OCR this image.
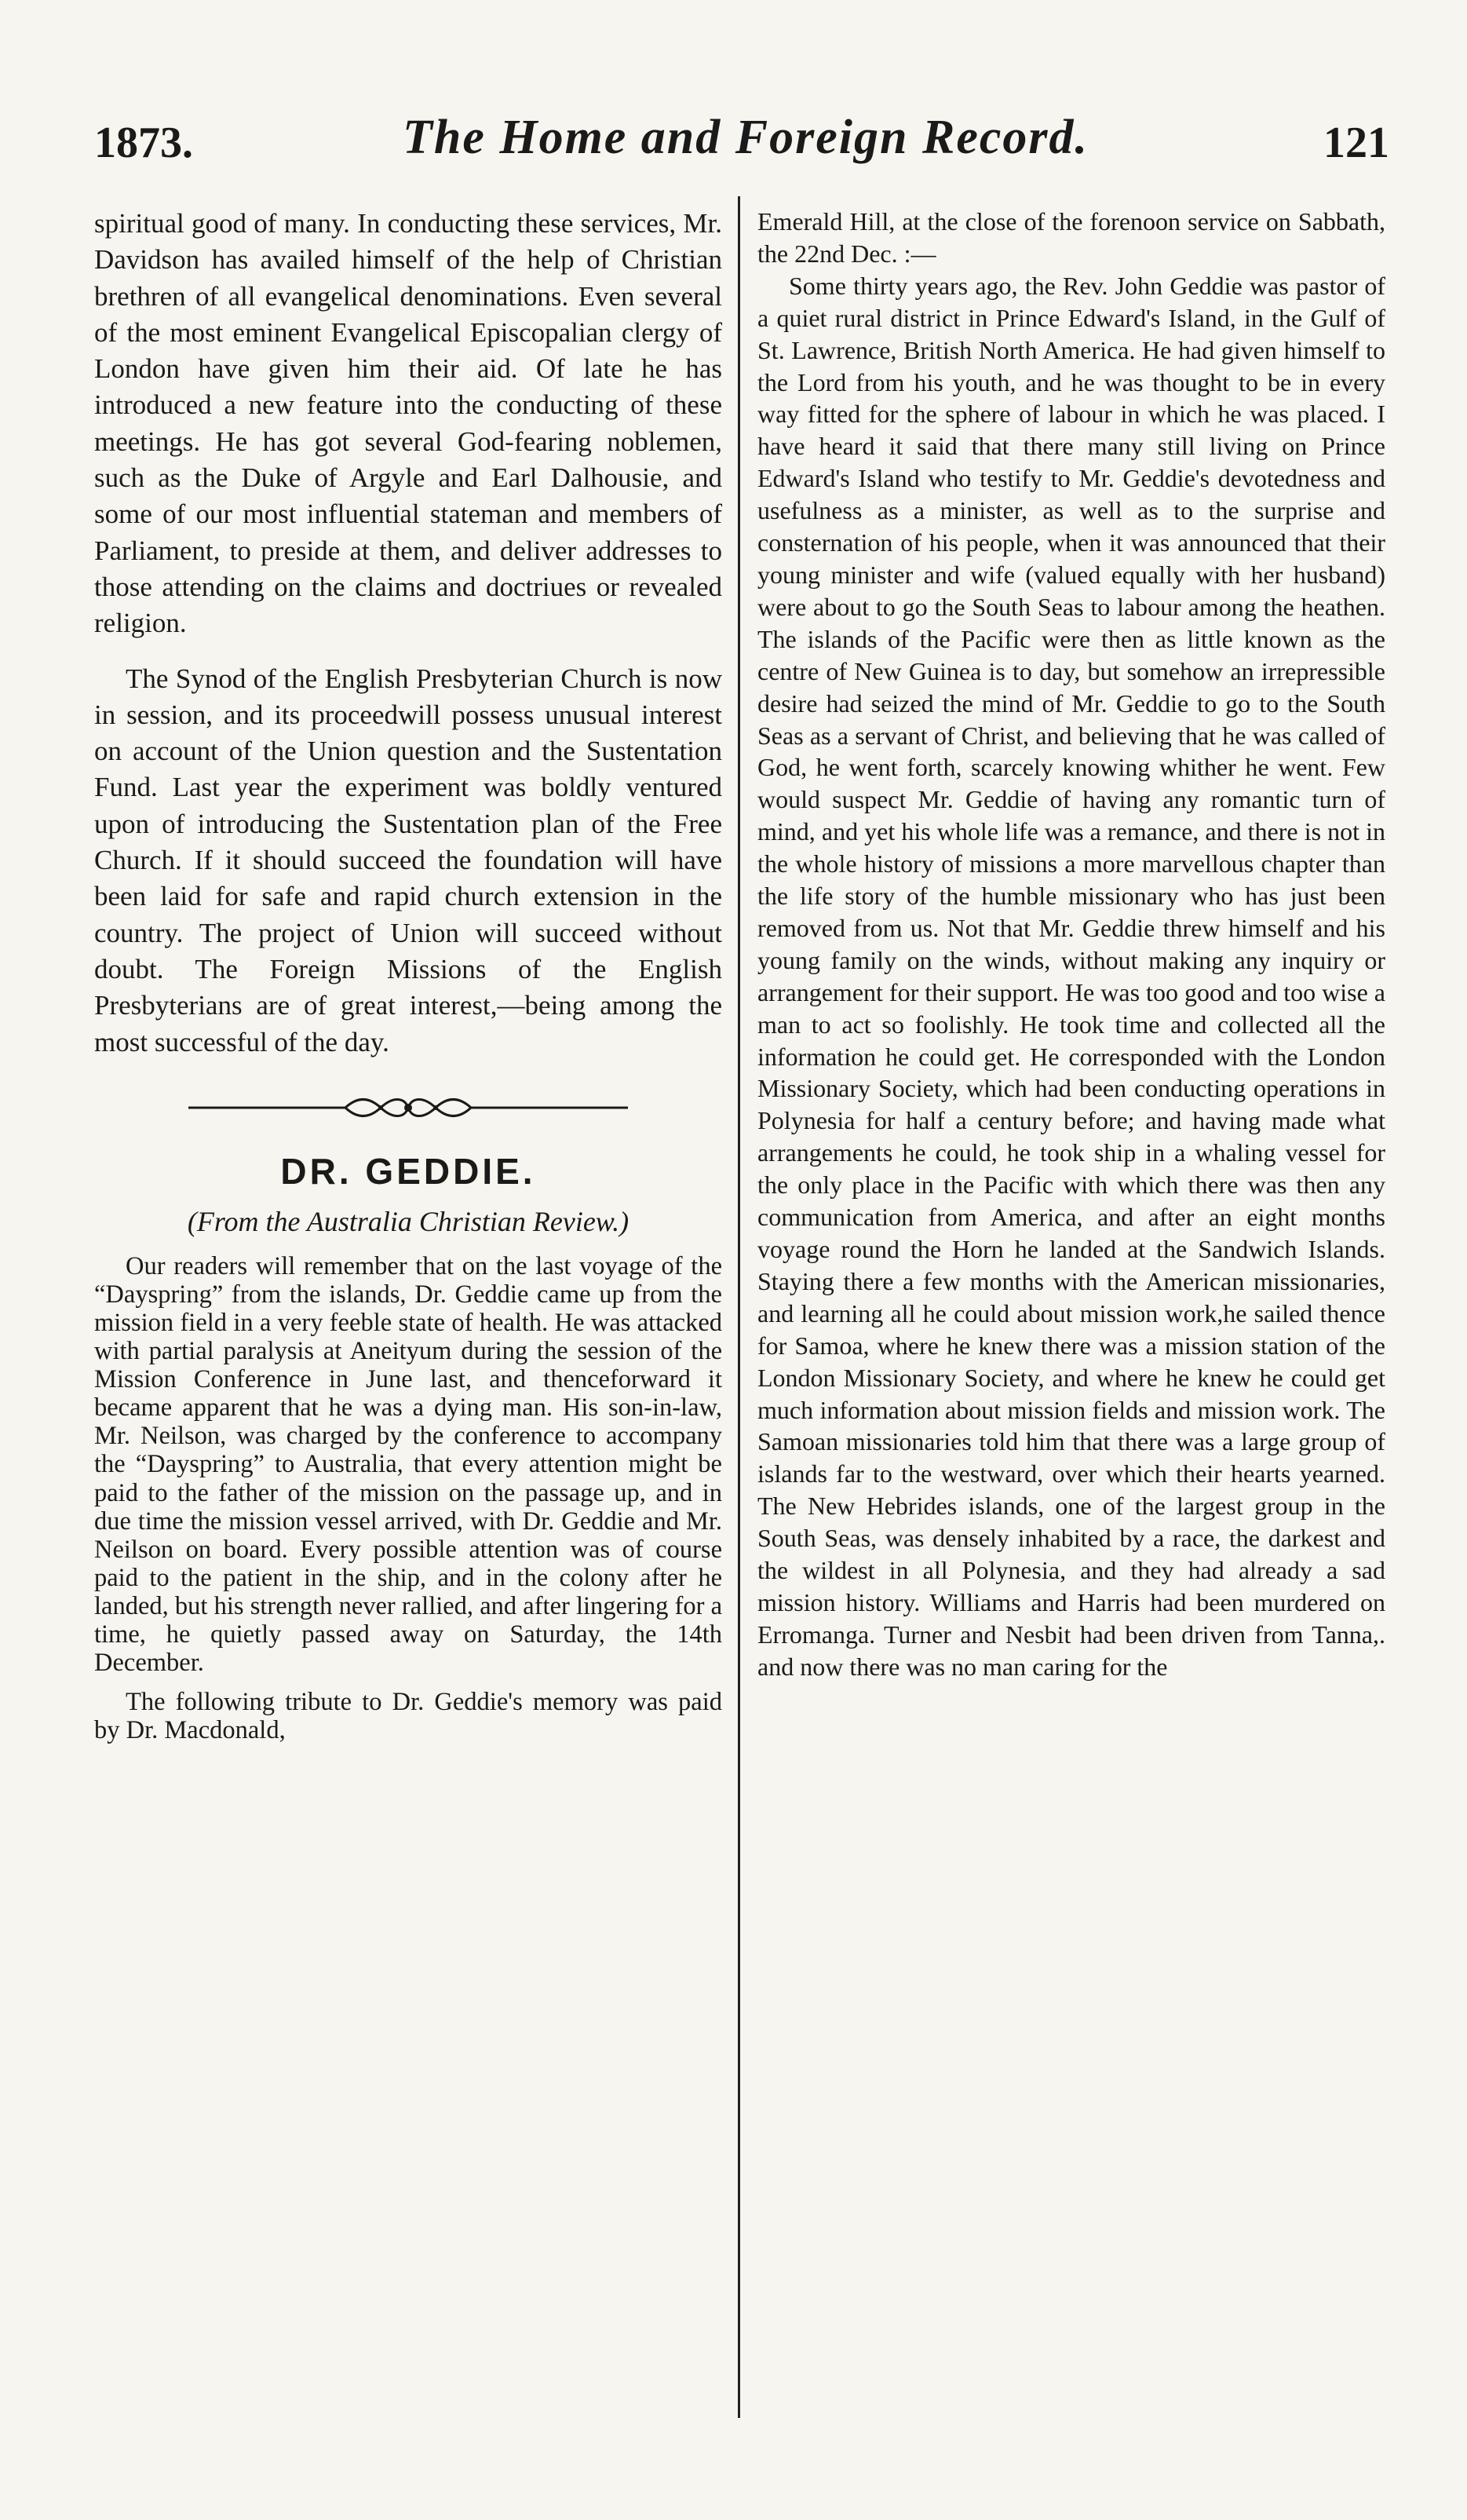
1873.	The Home and Foreign Record.	121

spiritual good of many. In conducting these services, Mr. Davidson has availed himself of the help of Christian brethren of all evangelical denominations. Even several of the most eminent Evangelical Episcopalian clergy of London have given him their aid. Of late he has introduced a new feature into the conducting of these meetings. He has got several God-fearing noblemen, such as the Duke of Argyle and Earl Dalhousie, and some of our most influential stateman and members of Parliament, to preside at them, and deliver addresses to those attending on the claims and doctriues or revealed religion.

The Synod of the English Presbyterian Church is now in session, and its proceedwill possess unusual interest on account of the Union question and the Sustentation Fund. Last year the experiment was boldly ventured upon of introducing the Sustentation plan of the Free Church. If it should succeed the foundation will have been laid for safe and rapid church extension in the country. The project of Union will succeed without doubt. The Foreign Missions of the English Presbyterians are of great interest,—being among the most successful of the day.

DR. GEDDIE.
(From the Australia Christian Review.)

Our readers will remember that on the last voyage of the “Dayspring” from the islands, Dr. Geddie came up from the mission field in a very feeble state of health. He was attacked with partial paralysis at Aneityum during the session of the Mission Conference in June last, and thenceforward it became apparent that he was a dying man. His son-in-law, Mr. Neilson, was charged by the conference to accompany the “Dayspring” to Australia, that every attention might be paid to the father of the mission on the passage up, and in due time the mission vessel arrived, with Dr. Geddie and Mr. Neilson on board. Every possible attention was of course paid to the patient in the ship, and in the colony after he landed, but his strength never rallied, and after lingering for a time, he quietly passed away on Saturday, the 14th December.

The following tribute to Dr. Geddie's memory was paid by Dr. Macdonald,

Emerald Hill, at the close of the forenoon service on Sabbath, the 22nd Dec. :—

Some thirty years ago, the Rev. John Geddie was pastor of a quiet rural district in Prince Edward's Island, in the Gulf of St. Lawrence, British North America. He had given himself to the Lord from his youth, and he was thought to be in every way fitted for the sphere of labour in which he was placed. I have heard it said that there many still living on Prince Edward's Island who testify to Mr. Geddie's devotedness and usefulness as a minister, as well as to the surprise and consternation of his people, when it was announced that their young minister and wife (valued equally with her husband) were about to go the South Seas to labour among the heathen. The islands of the Pacific were then as little known as the centre of New Guinea is to day, but somehow an irrepressible desire had seized the mind of Mr. Geddie to go to the South Seas as a servant of Christ, and believing that he was called of God, he went forth, scarcely knowing whither he went. Few would suspect Mr. Geddie of having any romantic turn of mind, and yet his whole life was a remance, and there is not in the whole history of missions a more marvellous chapter than the life story of the humble missionary who has just been removed from us. Not that Mr. Geddie threw himself and his young family on the winds, without making any inquiry or arrangement for their support. He was too good and too wise a man to act so foolishly. He took time and collected all the information he could get. He corresponded with the London Missionary Society, which had been conducting operations in Polynesia for half a century before; and having made what arrangements he could, he took ship in a whaling vessel for the only place in the Pacific with which there was then any communication from America, and after an eight months voyage round the Horn he landed at the Sandwich Islands. Staying there a few months with the American missionaries, and learning all he could about mission work,he sailed thence for Samoa, where he knew there was a mission station of the London Missionary Society, and where he knew he could get much information about mission fields and mission work. The Samoan missionaries told him that there was a large group of islands far to the westward, over which their hearts yearned. The New Hebrides islands, one of the largest group in the South Seas, was densely inhabited by a race, the darkest and the wildest in all Polynesia, and they had already a sad mission history. Williams and Harris had been murdered on Erromanga. Turner and Nesbit had been driven from Tanna,. and now there was no man caring for the
